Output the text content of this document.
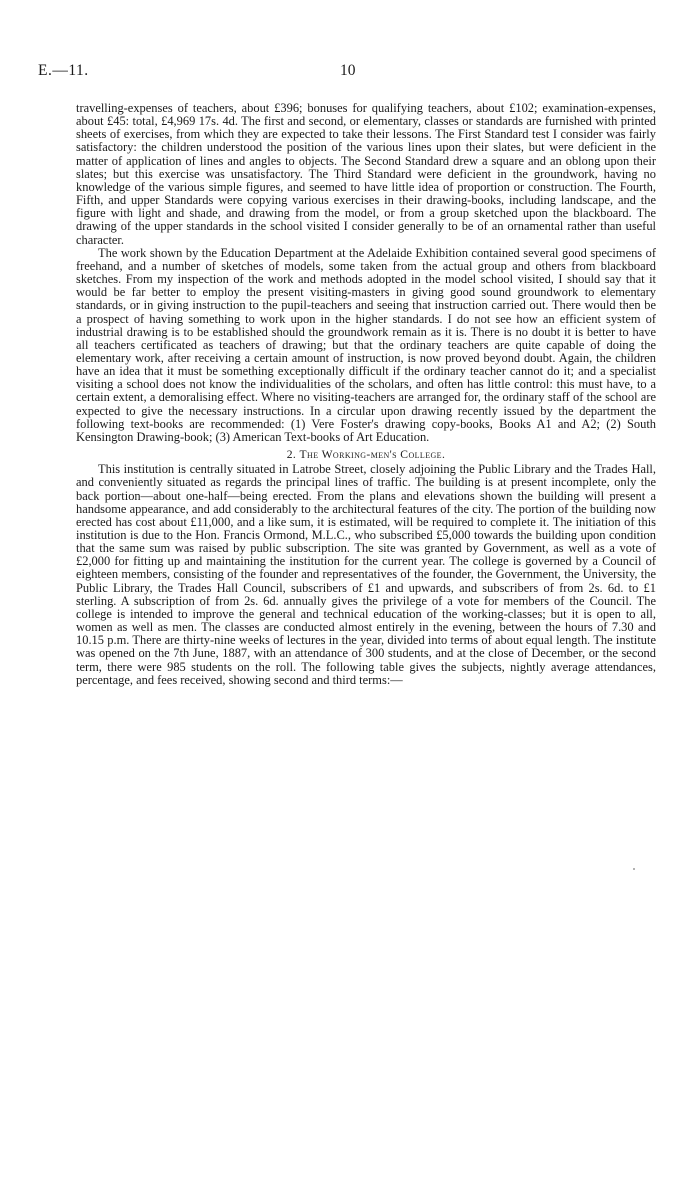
E.—11.	10

travelling-expenses of teachers, about £396; bonuses for qualifying teachers, about £102; examination-expenses, about £45: total, £4,969 17s. 4d. The first and second, or elementary, classes or standards are furnished with printed sheets of exercises, from which they are expected to take their lessons. The First Standard test I consider was fairly satisfactory: the children understood the position of the various lines upon their slates, but were deficient in the matter of application of lines and angles to objects. The Second Standard drew a square and an oblong upon their slates; but this exercise was unsatisfactory. The Third Standard were deficient in the groundwork, having no knowledge of the various simple figures, and seemed to have little idea of proportion or construction. The Fourth, Fifth, and upper Standards were copying various exercises in their drawing-books, including landscape, and the figure with light and shade, and drawing from the model, or from a group sketched upon the blackboard. The drawing of the upper standards in the school visited I consider generally to be of an ornamental rather than useful character.

The work shown by the Education Department at the Adelaide Exhibition contained several good specimens of freehand, and a number of sketches of models, some taken from the actual group and others from blackboard sketches. From my inspection of the work and methods adopted in the model school visited, I should say that it would be far better to employ the present visiting-masters in giving good sound groundwork to elementary standards, or in giving instruction to the pupil-teachers and seeing that instruction carried out. There would then be a prospect of having something to work upon in the higher standards. I do not see how an efficient system of industrial drawing is to be established should the groundwork remain as it is. There is no doubt it is better to have all teachers certificated as teachers of drawing; but that the ordinary teachers are quite capable of doing the elementary work, after receiving a certain amount of instruction, is now proved beyond doubt. Again, the children have an idea that it must be something exceptionally difficult if the ordinary teacher cannot do it; and a specialist visiting a school does not know the individualities of the scholars, and often has little control: this must have, to a certain extent, a demoralising effect. Where no visiting-teachers are arranged for, the ordinary staff of the school are expected to give the necessary instructions. In a circular upon drawing recently issued by the department the following text-books are recommended: (1) Vere Foster's drawing copy-books, Books A1 and A2; (2) South Kensington Drawing-book; (3) American Text-books of Art Education.

2. The Working-men's College.

This institution is centrally situated in Latrobe Street, closely adjoining the Public Library and the Trades Hall, and conveniently situated as regards the principal lines of traffic. The building is at present incomplete, only the back portion—about one-half—being erected. From the plans and elevations shown the building will present a handsome appearance, and add considerably to the architectural features of the city. The portion of the building now erected has cost about £11,000, and a like sum, it is estimated, will be required to complete it. The initiation of this institution is due to the Hon. Francis Ormond, M.L.C., who subscribed £5,000 towards the building upon condition that the same sum was raised by public subscription. The site was granted by Government, as well as a vote of £2,000 for fitting up and maintaining the institution for the current year. The college is governed by a Council of eighteen members, consisting of the founder and representatives of the founder, the Government, the University, the Public Library, the Trades Hall Council, subscribers of £1 and upwards, and subscribers of from 2s. 6d. to £1 sterling. A subscription of from 2s. 6d. annually gives the privilege of a vote for members of the Council. The college is intended to improve the general and technical education of the working-classes; but it is open to all, women as well as men. The classes are conducted almost entirely in the evening, between the hours of 7.30 and 10.15 p.m. There are thirty-nine weeks of lectures in the year, divided into terms of about equal length. The institute was opened on the 7th June, 1887, with an attendance of 300 students, and at the close of December, or the second term, there were 985 students on the roll. The following table gives the subjects, nightly average attendances, percentage, and fees received, showing second and third terms:—
